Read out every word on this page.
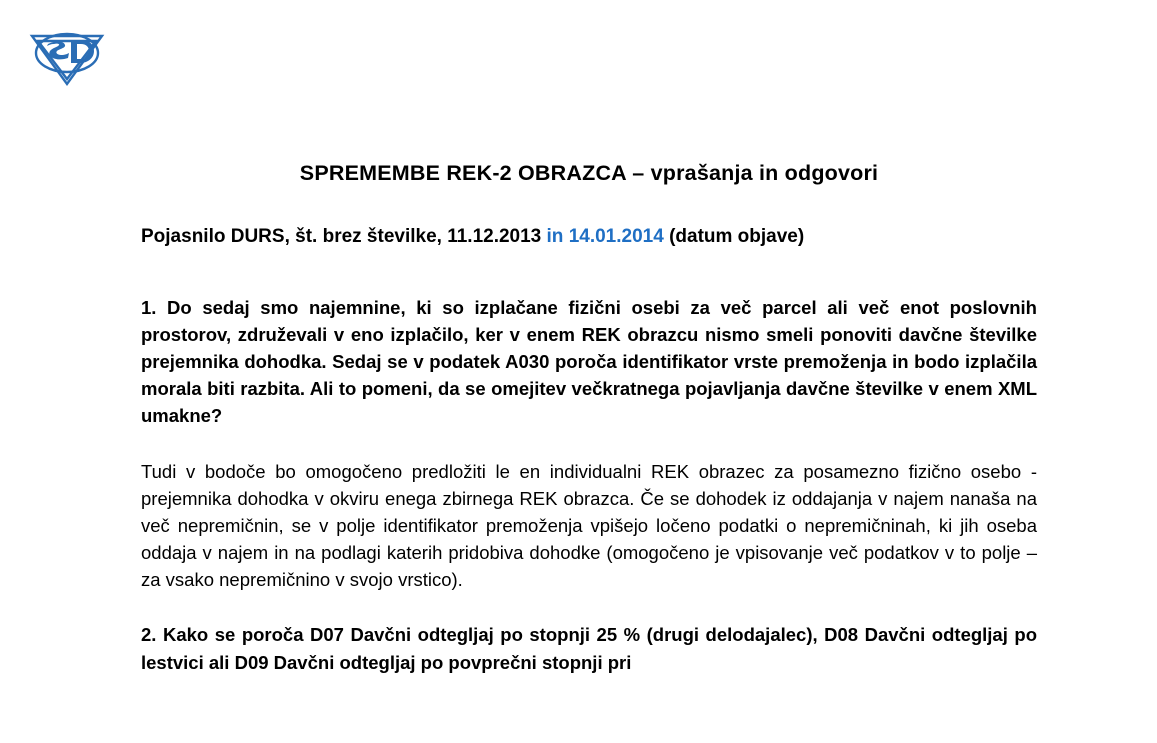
SPREMEMBE REK-2 OBRAZCA – vprašanja in odgovori

Pojasnilo DURS, št. brez številke, 11.12.2013 in 14.01.2014 (datum objave)

1. Do sedaj smo najemnine, ki so izplačane fizični osebi za več parcel ali več enot poslovnih prostorov, združevali v eno izplačilo, ker v enem REK obrazcu nismo smeli ponoviti davčne številke prejemnika dohodka. Sedaj se v podatek A030 poroča identifikator vrste premoženja in bodo izplačila morala biti razbita. Ali to pomeni, da se omejitev večkratnega pojavljanja davčne številke v enem XML umakne?

Tudi v bodoče bo omogočeno predložiti le en individualni REK obrazec za posamezno fizično osebo - prejemnika dohodka v okviru enega zbirnega REK obrazca. Če se dohodek iz oddajanja v najem nanaša na več nepremičnin, se v polje identifikator premoženja vpišejo ločeno podatki o nepremičninah, ki jih oseba oddaja v najem in na podlagi katerih pridobiva dohodke (omogočeno je vpisovanje več podatkov v to polje – za vsako nepremičnino v svojo vrstico).

2. Kako se poroča D07 Davčni odtegljaj po stopnji 25 % (drugi delodajalec), D08 Davčni odtegljaj po lestvici ali D09 Davčni odtegljaj po povprečni stopnji pri
